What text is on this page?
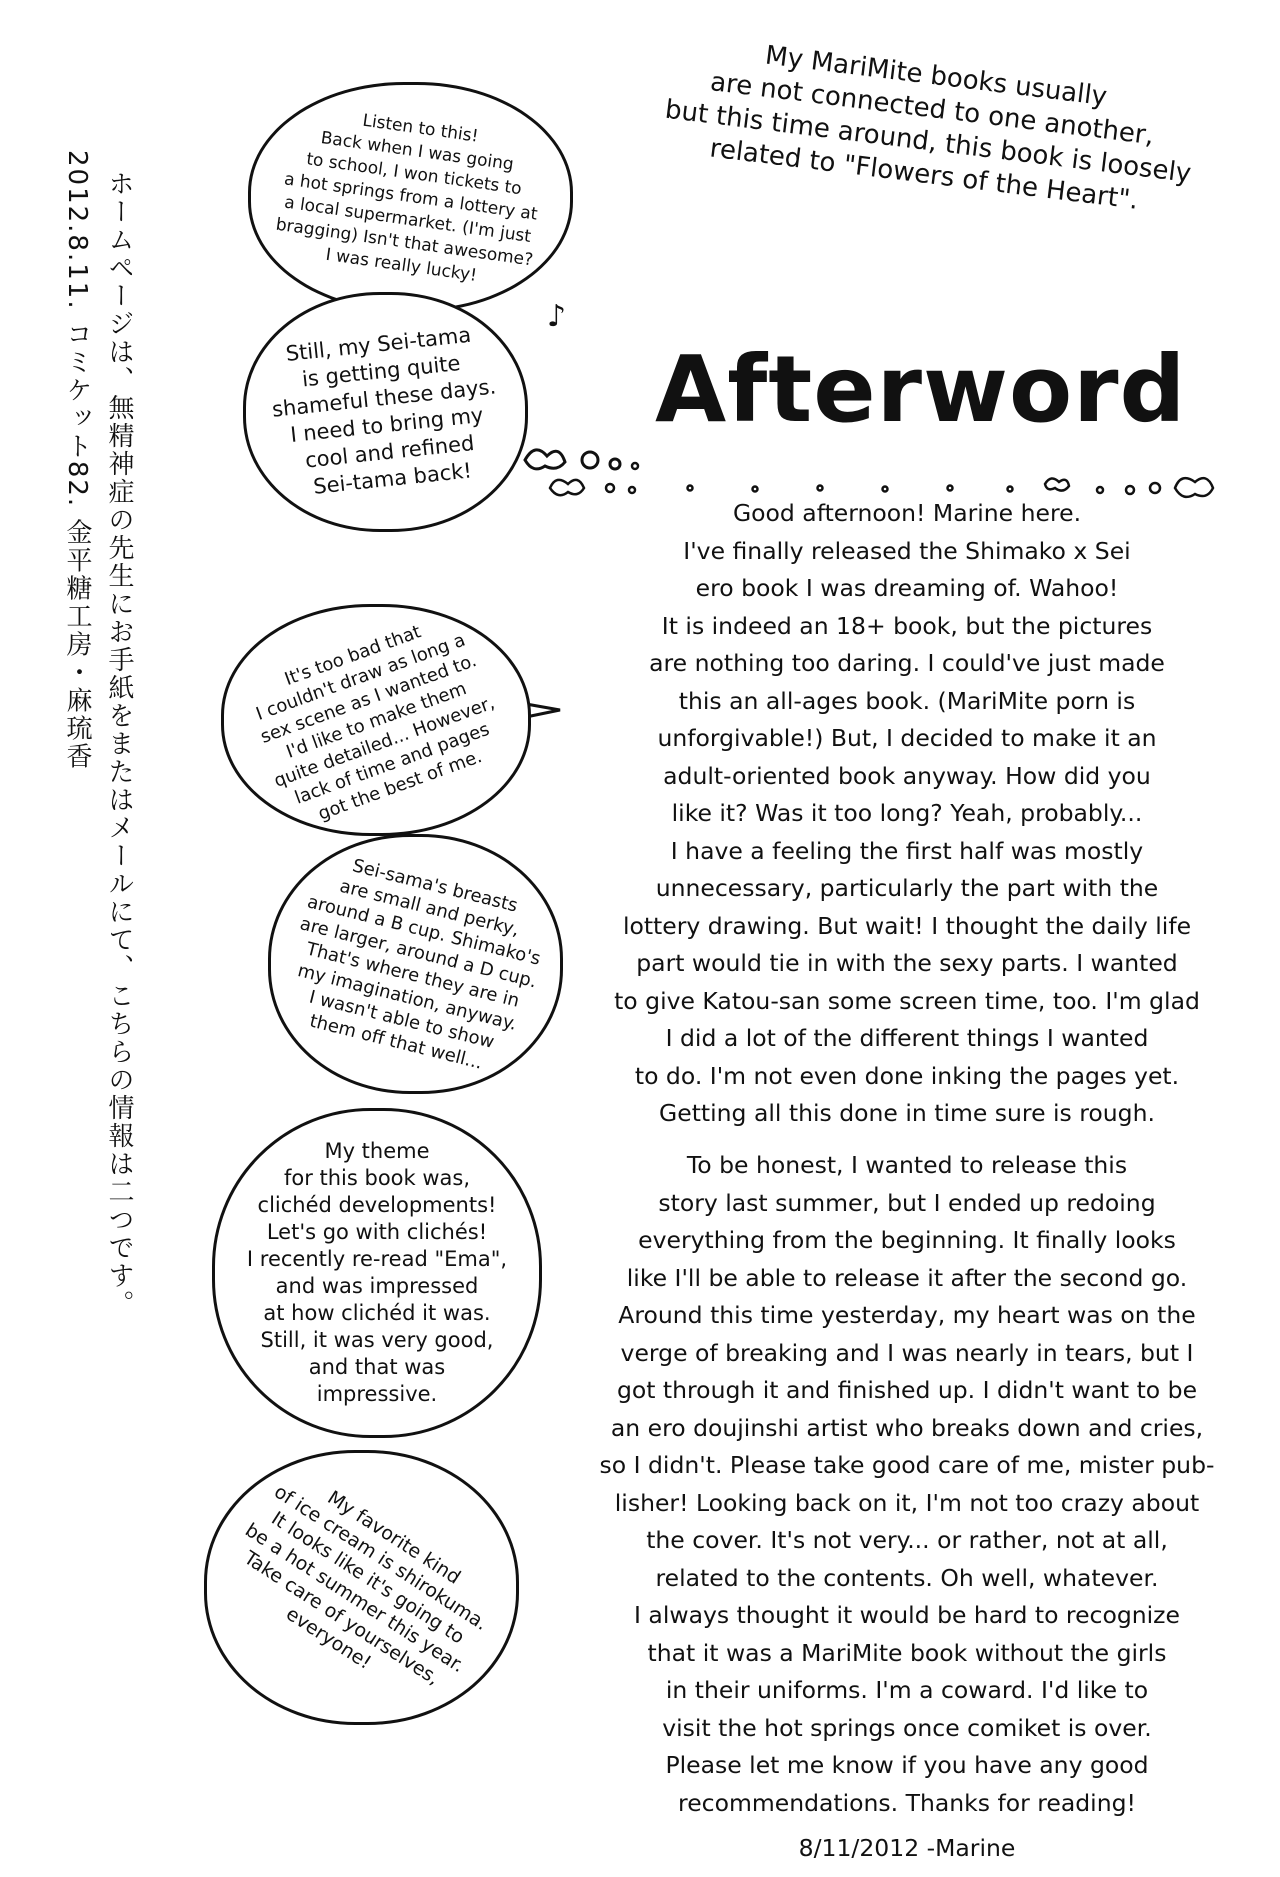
2012.8.11. コミケット82. 金平糖工房・麻琉香 ホームページは、無精神症の先生にお手紙をまたはメールにて、こちらの情報は二つです。	♪
Listen to this!
Back when I was going
to school, I won tickets to
a hot springs from a lottery at
a local supermarket. (I'm just
bragging) Isn't that awesome?
I was really lucky!
Still, my Sei-tama
is getting quite
shameful these days.
I need to bring my
cool and refined
Sei-tama back!
It's too bad that
I couldn't draw as long a
sex scene as I wanted to.
I'd like to make them
quite detailed... However,
lack of time and pages
got the best of me.
Sei-sama's breasts
are small and perky,
around a B cup. Shimako's
are larger, around a D cup.
That's where they are in
my imagination, anyway.
I wasn't able to show
them off that well...
My theme
for this book was,
clichéd developments!
Let's go with clichés!
I recently re-read "Ema",
and was impressed
at how clichéd it was.
Still, it was very good,
and that was
impressive.
My favorite kind
of ice cream is shirokuma.
It looks like it's going to
be a hot summer this year.
Take care of yourselves,
everyone!
My MariMite books usually
are not connected to one another,
but this time around, this book is loosely
related to "Flowers of the Heart".
Afterword
Good afternoon! Marine here.
I've finally released the Shimako x Sei
ero book I was dreaming of. Wahoo!
It is indeed an 18+ book, but the pictures
are nothing too daring. I could've just made
this an all-ages book. (MariMite porn is
unforgivable!) But, I decided to make it an
adult-oriented book anyway. How did you
like it? Was it too long? Yeah, probably...
I have a feeling the first half was mostly
unnecessary, particularly the part with the
lottery drawing. But wait! I thought the daily life
part would tie in with the sexy parts. I wanted
to give Katou-san some screen time, too. I'm glad
I did a lot of the different things I wanted
to do. I'm not even done inking the pages yet.
Getting all this done in time sure is rough.
To be honest, I wanted to release this
story last summer, but I ended up redoing
everything from the beginning. It finally looks
like I'll be able to release it after the second go.
Around this time yesterday, my heart was on the
verge of breaking and I was nearly in tears, but I
got through it and finished up. I didn't want to be
an ero doujinshi artist who breaks down and cries,
so I didn't. Please take good care of me, mister pub-
lisher! Looking back on it, I'm not too crazy about
the cover. It's not very... or rather, not at all,
related to the contents. Oh well, whatever.
I always thought it would be hard to recognize
that it was a MariMite book without the girls
in their uniforms. I'm a coward. I'd like to
visit the hot springs once comiket is over.
Please let me know if you have any good
recommendations. Thanks for reading!
8/11/2012 -Marine
